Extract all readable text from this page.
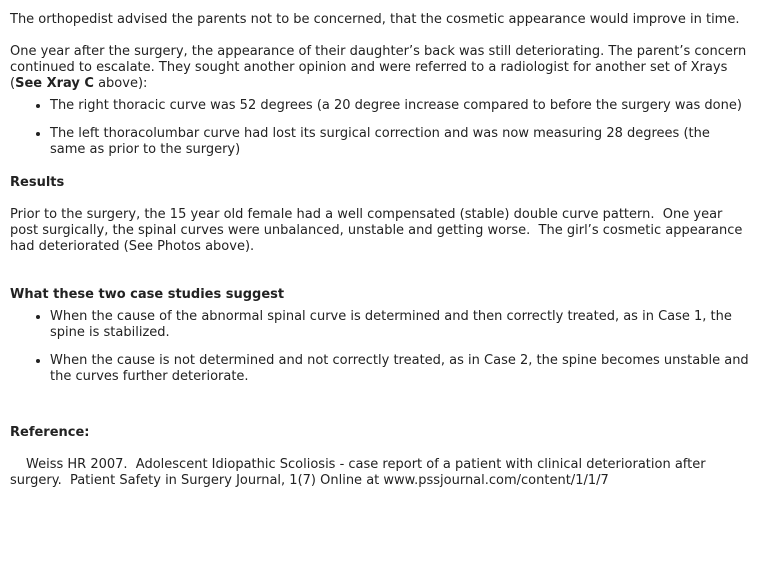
The orthopedist advised the parents not to be concerned, that the cosmetic appearance would improve in time.

One year after the surgery, the appearance of their daughter’s back was still deteriorating. The parent’s concern continued to escalate. They sought another opinion and were referred to a radiologist for another set of Xrays (See Xray C above):

• The right thoracic curve was 52 degrees (a 20 degree increase compared to before the surgery was done)
• The left thoracolumbar curve had lost its surgical correction and was now measuring 28 degrees (the same as prior to the surgery)
Results

Prior to the surgery, the 15 year old female had a well compensated (stable) double curve pattern.  One year post surgically, the spinal curves were unbalanced, unstable and getting worse.  The girl’s cosmetic appearance had deteriorated (See Photos above).

What these two case studies suggest
• When the cause of the abnormal spinal curve is determined and then correctly treated, as in Case 1, the spine is stabilized.
• When the cause is not determined and not correctly treated, as in Case 2, the spine becomes unstable and the curves further deteriorate.
Reference:

Weiss HR 2007.  Adolescent Idiopathic Scoliosis - case report of a patient with clinical deterioration after surgery.  Patient Safety in Surgery Journal, 1(7) Online at www.pssjournal.com/content/1/1/7
